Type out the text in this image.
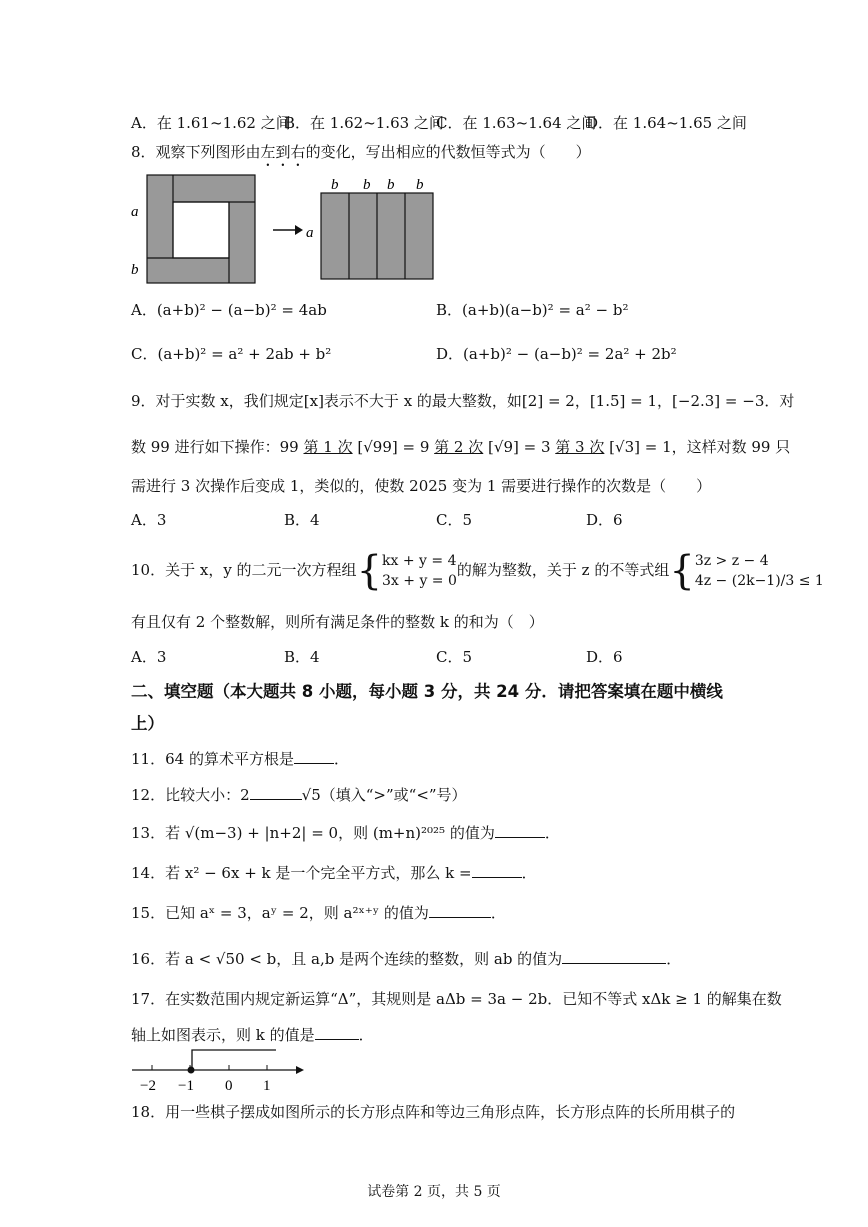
A．在 1.61~1.62 之间
B．在 1.62~1.63 之间
C．在 1.63~1.64 之间
D．在 1.64~1.65 之间
8．观察下列图形由左到右的变化，写出相应的代数恒等式为（　　）
a
b
a
b b b b
A．(a+b)² − (a−b)² = 4ab	B．(a+b)(a−b)² = a² − b²
C．(a+b)² = a² + 2ab + b²	D．(a+b)² − (a−b)² = 2a² + 2b²
9．对于实数 x，我们规定[x]表示不大于 x 的最大整数，如[2] = 2，[1.5] = 1，[−2.3] = −3．对
数 99 进行如下操作：99 第 1 次 [√99] = 9 第 2 次 [√9] = 3 第 3 次 [√3] = 1，这样对数 99 只
需进行 3 次操作后变成 1，类似的，使数 2025 变为 1 需要进行操作的次数是（　　）
A．3	B．4	C．5	D．6
10．关于 x，y 的二元一次方程组{ kx + y = 4
3x + y = 0
的解为整数，关于 z 的不等式组{ 3z > z − 4
4z − (2k−1)/3 ≤ 1
有且仅有 2 个整数解，则所有满足条件的整数 k 的和为（　）
A．3	B．4	C．5	D．6
二、填空题（本大题共 8 小题，每小题 3 分，共 24 分．请把答案填在题中横线上）
11．64 的算术平方根是	．
12．比较大小：2	√5（填入“>”或“<”号）
13．若 √(m−3) + |n+2| = 0，则 (m+n)²⁰²⁵ 的值为	．
14．若 x² − 6x + k 是一个完全平方式，那么 k =	．
15．已知 aˣ = 3，aʸ = 2，则 a²ˣ⁺ʸ 的值为	．
16．若 a < √50 < b，且 a,b 是两个连续的整数，则 ab 的值为	．
17．在实数范围内规定新运算“Δ”，其规则是 aΔb = 3a − 2b．已知不等式 xΔk ≥ 1 的解集在数
轴上如图表示，则 k 的值是	．
−2 −1 0 1
18．用一些棋子摆成如图所示的长方形点阵和等边三角形点阵，长方形点阵的长所用棋子的
试卷第 2 页，共 5 页
